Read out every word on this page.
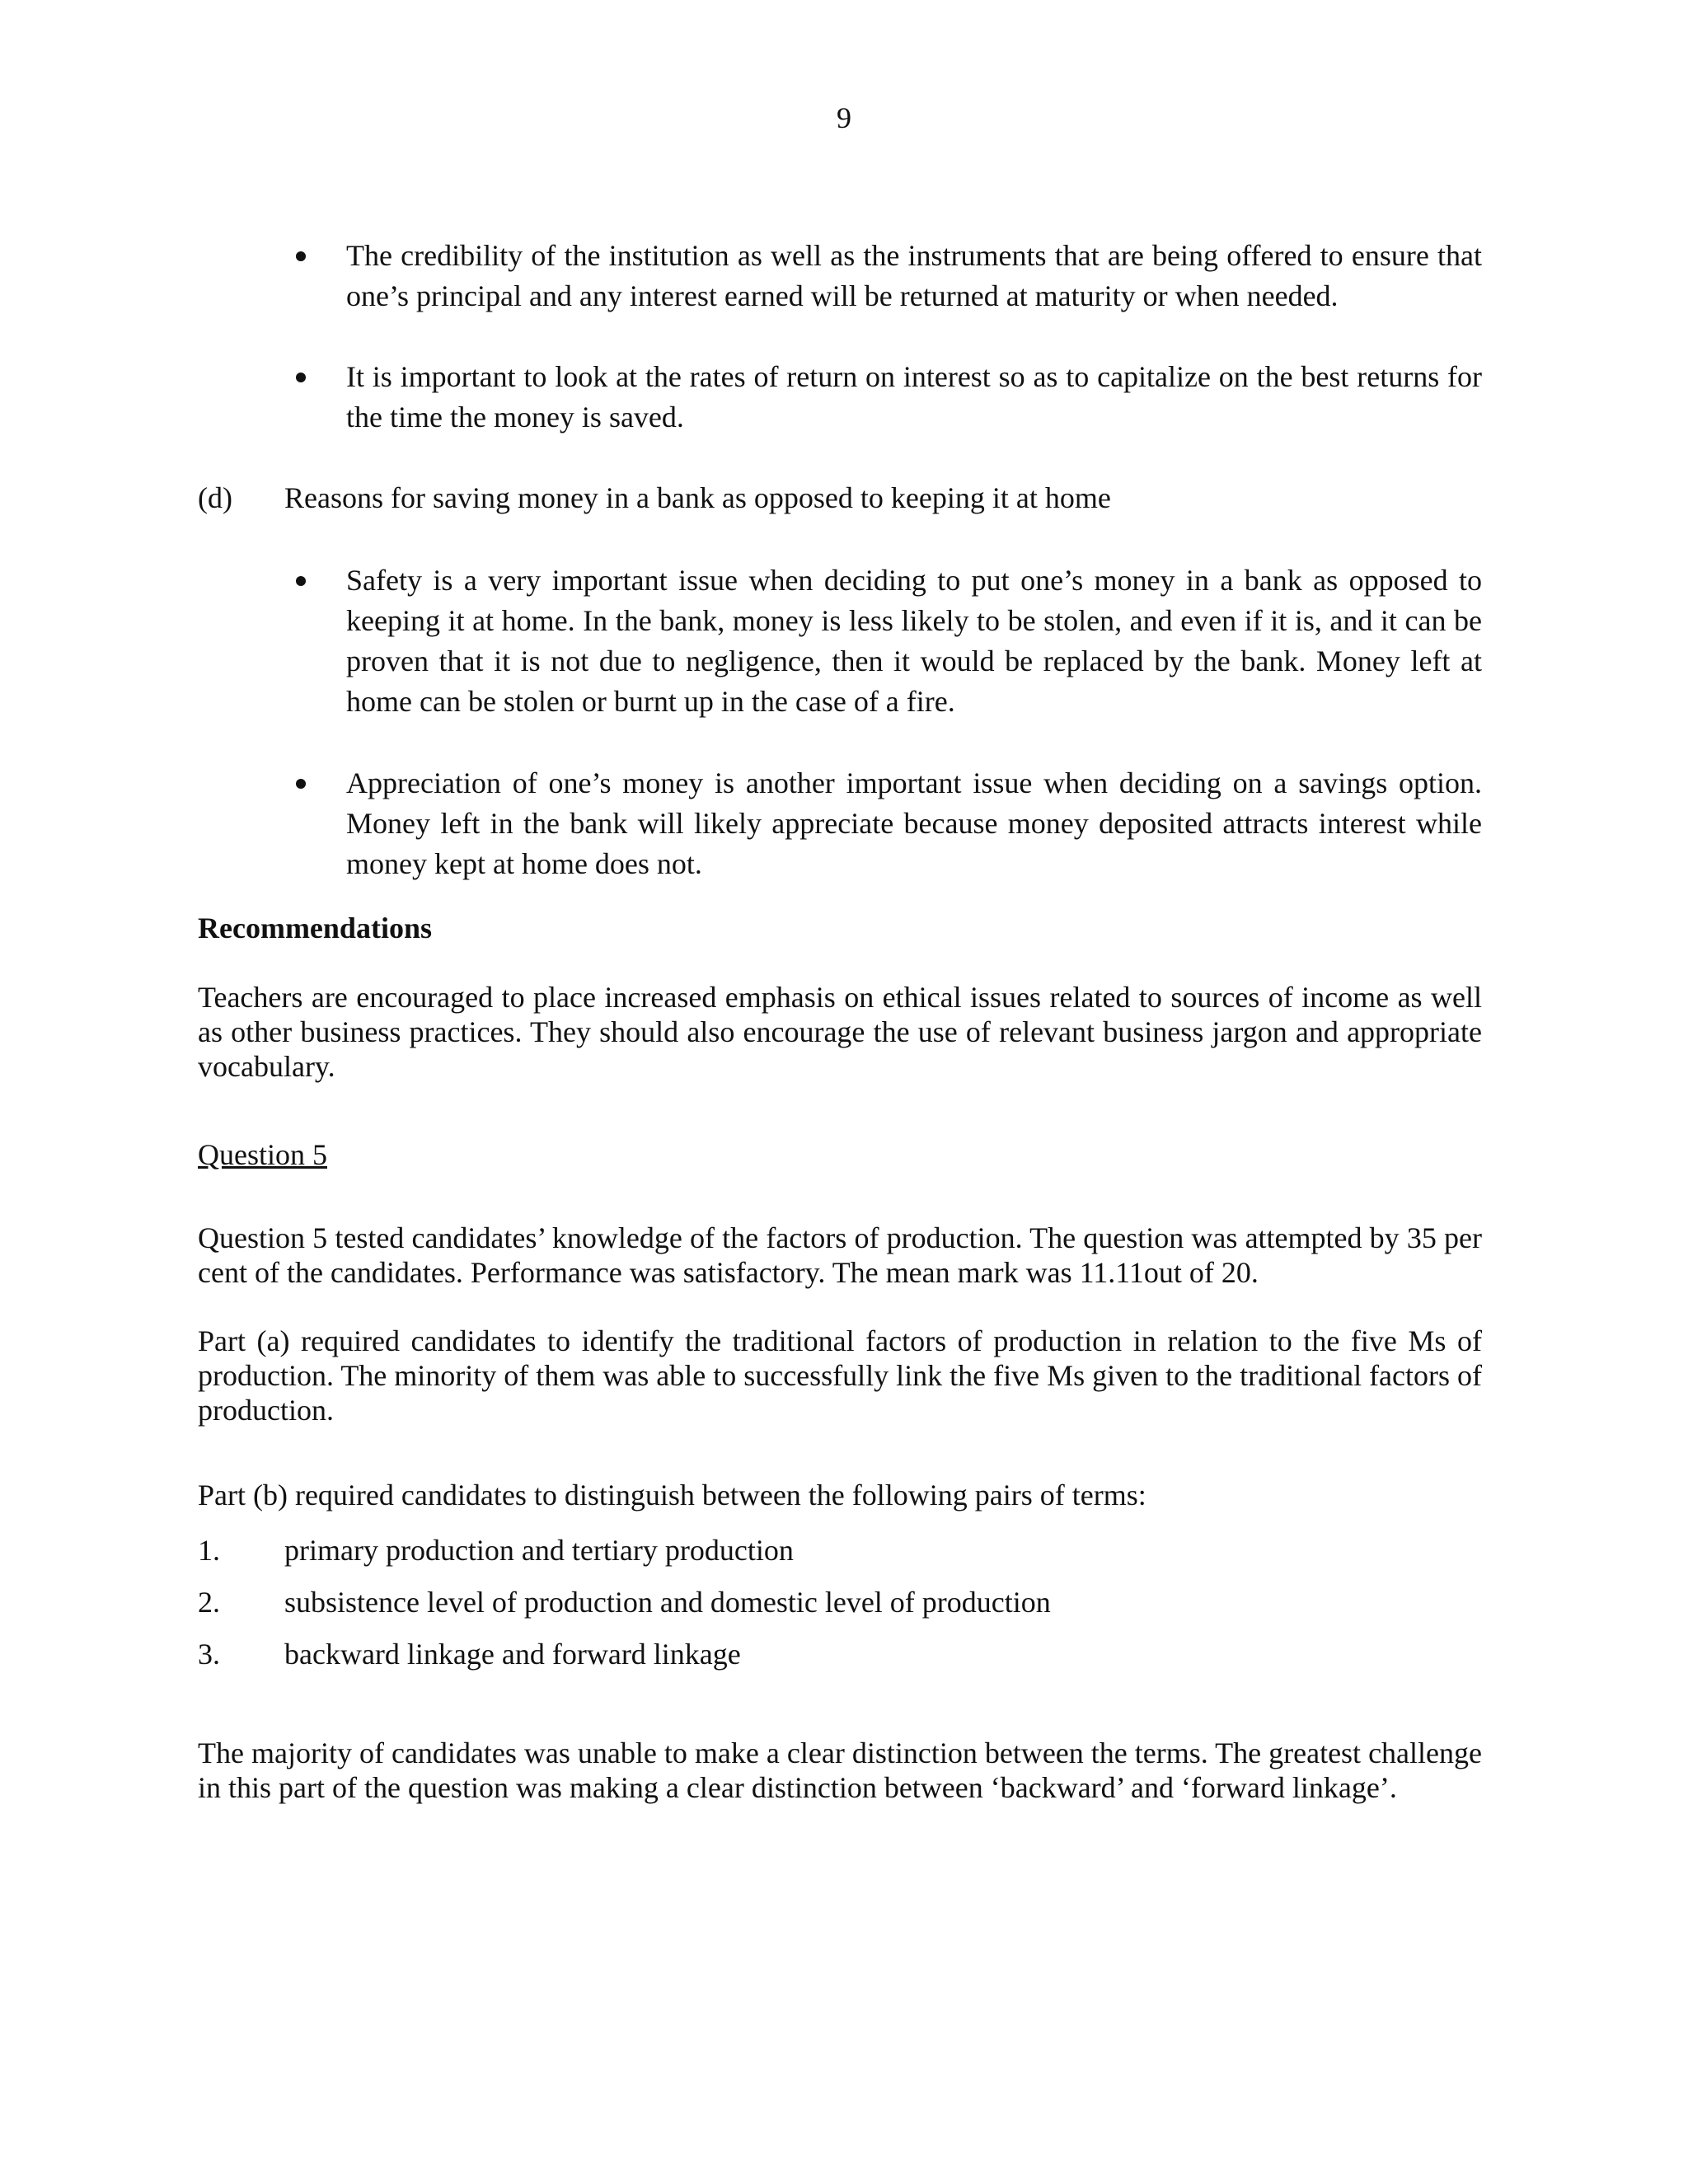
9
The credibility of the institution as well as the instruments that are being offered to ensure that one’s principal and any interest earned will be returned at maturity or when needed.
It is important to look at the rates of return on interest so as to capitalize on the best returns for the time the money is saved.
(d) Reasons for saving money in a bank as opposed to keeping it at home
Safety is a very important issue when deciding to put one’s money in a bank as opposed to keeping it at home. In the bank, money is less likely to be stolen, and even if it is, and it can be proven that it is not due to negligence, then it would be replaced by the bank. Money left at home can be stolen or burnt up in the case of a fire.
Appreciation of one’s money is another important issue when deciding on a savings option. Money left in the bank will likely appreciate because money deposited attracts interest while money kept at home does not.
Recommendations
Teachers are encouraged to place increased emphasis on ethical issues related to sources of income as well as other business practices. They should also encourage the use of relevant business jargon and appropriate vocabulary.
Question 5
Question 5 tested candidates’ knowledge of the factors of production. The question was attempted by 35 per cent of the candidates. Performance was satisfactory. The mean mark was 11.11out of 20.
Part (a) required candidates to identify the traditional factors of production in relation to the five Ms of production. The minority of them was able to successfully link the five Ms given to the traditional factors of production.
Part (b) required candidates to distinguish between the following pairs of terms:
1. primary production and tertiary production
2. subsistence level of production and domestic level of production
3. backward linkage and forward linkage
The majority of candidates was unable to make a clear distinction between the terms. The greatest challenge in this part of the question was making a clear distinction between ‘backward’ and ‘forward linkage’.
